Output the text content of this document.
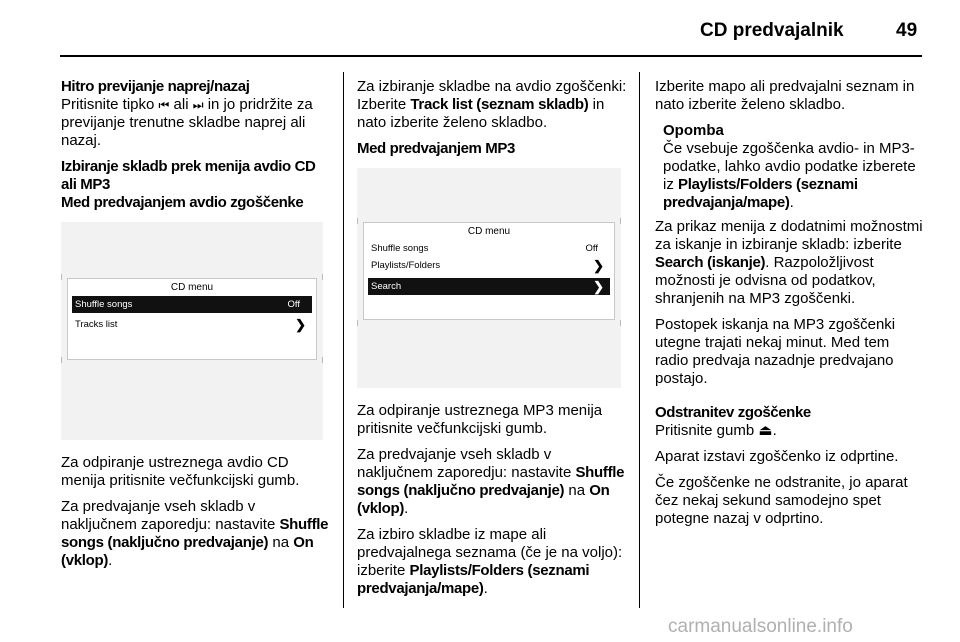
CD predvajalnik	49
Hitro previjanje naprej/nazaj

Pritisnite tipko ⏮ ali ⏭ in jo pridržite za previjanje trenutne skladbe naprej ali nazaj.

Izbiranje skladb prek menija avdio CD ali MP3
Med predvajanjem avdio zgoščenke
CD menu
Shuffle songs	Off
Tracks list	❯

Za odpiranje ustreznega avdio CD menija pritisnite večfunkcijski gumb.

Za predvajanje vseh skladb v naključnem zaporedju: nastavite Shuffle songs (naključno predvajanje) na On (vklop).

Za izbiranje skladbe na avdio zgoščenki: Izberite Track list (seznam skladb) in nato izberite želeno skladbo.

Med predvajanjem MP3
CD menu
Shuffle songs	Off
Playlists/Folders	❯
Search	❯

Za odpiranje ustreznega MP3 menija pritisnite večfunkcijski gumb.

Za predvajanje vseh skladb v naključnem zaporedju: nastavite Shuffle songs (naključno predvajanje) na On (vklop).

Za izbiro skladbe iz mape ali predvajalnega seznama (če je na voljo): izberite Playlists/Folders (seznami predvajanja/mape).

Izberite mapo ali predvajalni seznam in nato izberite želeno skladbo.

Opomba
Če vsebuje zgoščenka avdio- in MP3-podatke, lahko avdio podatke izberete iz Playlists/Folders (seznami predvajanja/mape).

Za prikaz menija z dodatnimi možnostmi za iskanje in izbiranje skladb: izberite Search (iskanje). Razpoložljivost možnosti je odvisna od podatkov, shranjenih na MP3 zgoščenki.

Postopek iskanja na MP3 zgoščenki utegne trajati nekaj minut. Med tem radio predvaja nazadnje predvajano postajo.

Odstranitev zgoščenke

Pritisnite gumb ⏏.

Aparat izstavi zgoščenko iz odprtine.

Če zgoščenke ne odstranite, jo aparat čez nekaj sekund samodejno spet potegne nazaj v odprtino.

carmanualsonline.info
